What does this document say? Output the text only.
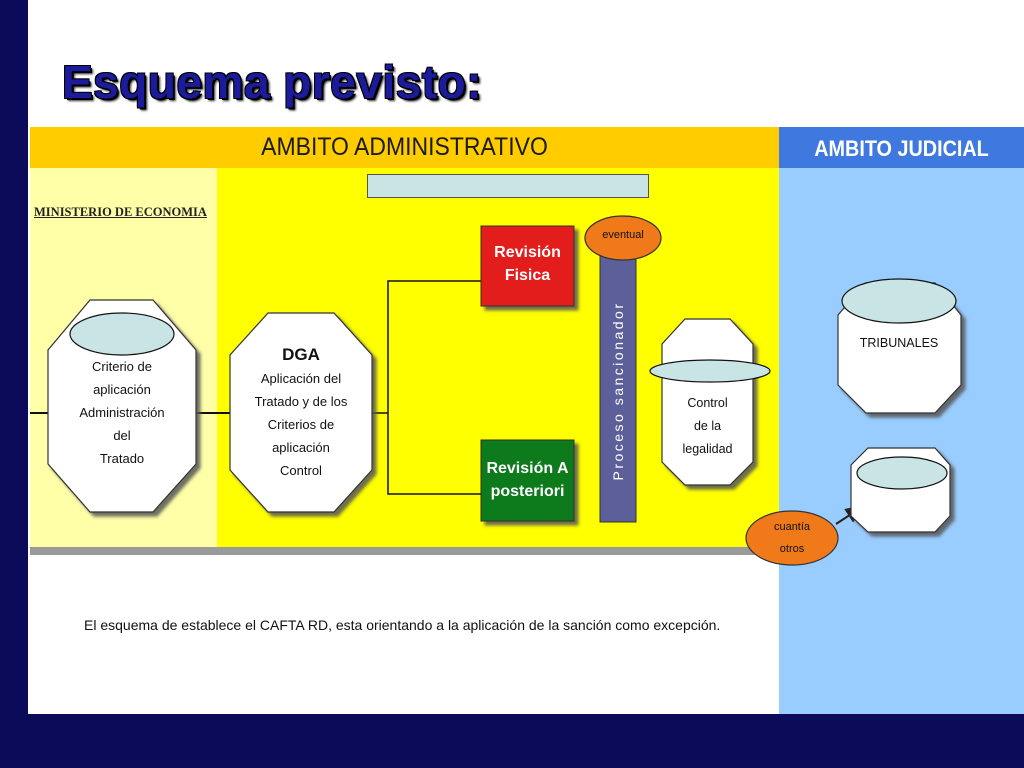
Esquema previsto:
AMBITO ADMINISTRATIVO	AMBITO JUDICIAL
MINISTERIO DE ECONOMIA
Criterio de
aplicación
Administración
del
Tratado
DGA
Aplicación del
Tratado y de los
Criterios de
aplicación
Control
Revisión
Fisica
Revisión A
posteriori
eventual
Proceso sancionador	Control
de la
legalidad
TRIBUNALES
cuantía
otros
El esquema de establece el CAFTA RD, esta orientando a la aplicación de la sanción como excepción.
